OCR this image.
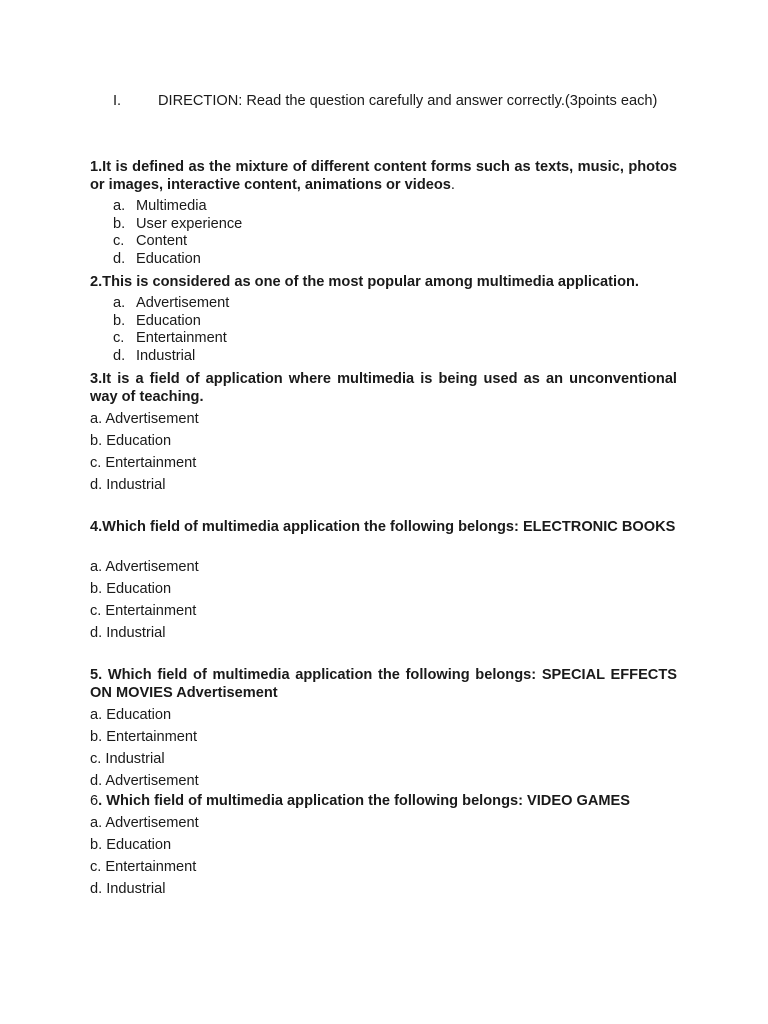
I.	DIRECTION: Read the question carefully and answer correctly.(3points each)
1.It is defined as the mixture of different content forms such as texts, music, photos or images, interactive content, animations or videos.
a. Multimedia
b. User experience
c. Content
d. Education
2.This is considered as one of the most popular among multimedia application.
a. Advertisement
b. Education
c. Entertainment
d. Industrial
3.It is a field of application where multimedia is being used as an unconventional way of teaching.
a. Advertisement
b. Education
c. Entertainment
d. Industrial
4.Which field of multimedia application the following belongs: ELECTRONIC BOOKS
a. Advertisement
b. Education
c. Entertainment
d. Industrial
5. Which field of multimedia application the following belongs: SPECIAL EFFECTS ON MOVIES Advertisement
a. Education
b. Entertainment
c. Industrial
d. Advertisement
6. Which field of multimedia application the following belongs: VIDEO GAMES
a. Advertisement
b. Education
c. Entertainment
d. Industrial
